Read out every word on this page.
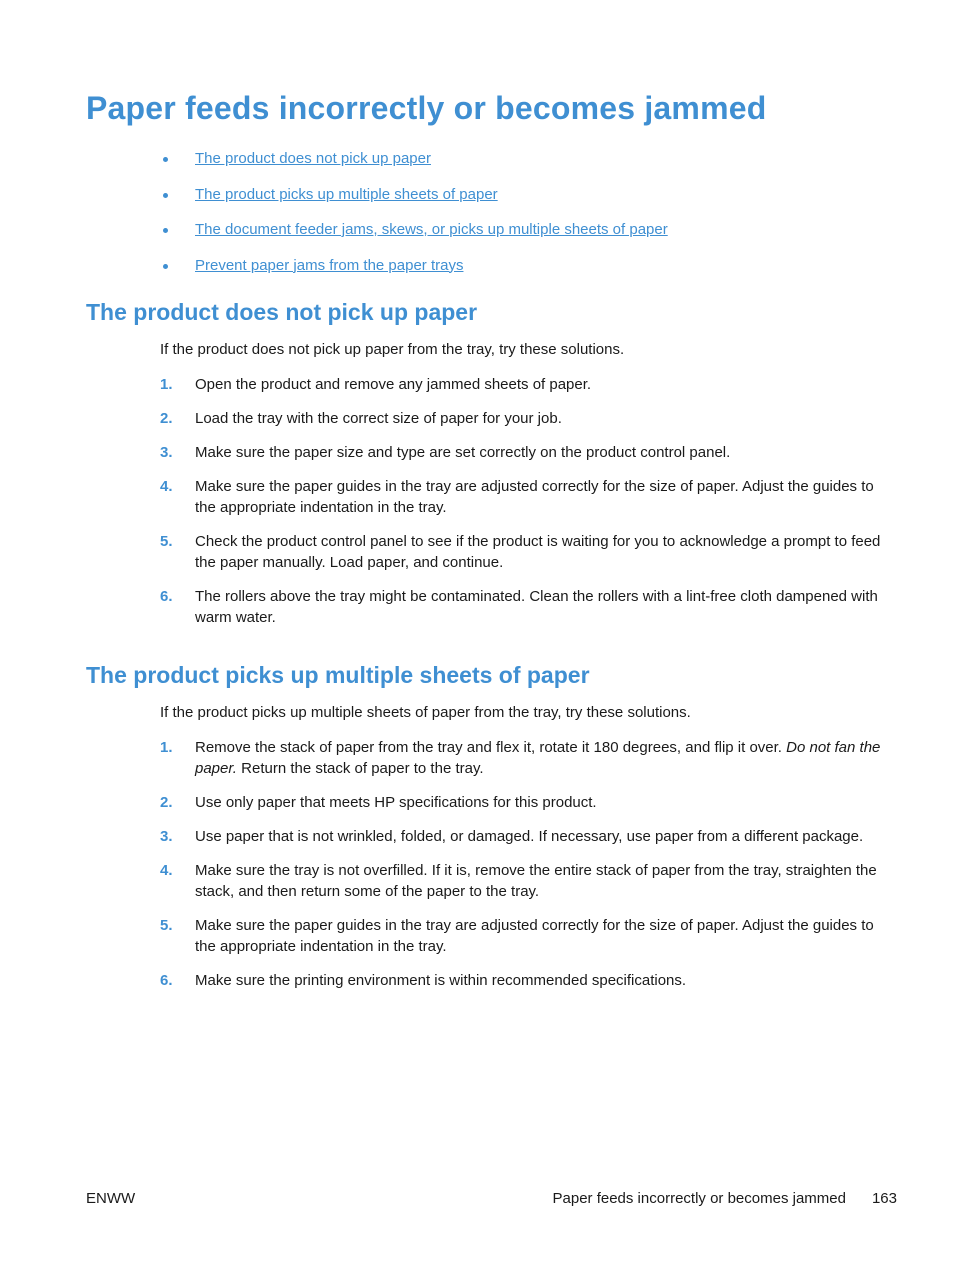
Paper feeds incorrectly or becomes jammed
The product does not pick up paper
The product picks up multiple sheets of paper
The document feeder jams, skews, or picks up multiple sheets of paper
Prevent paper jams from the paper trays
The product does not pick up paper

If the product does not pick up paper from the tray, try these solutions.

1. Open the product and remove any jammed sheets of paper.
2. Load the tray with the correct size of paper for your job.
3. Make sure the paper size and type are set correctly on the product control panel.
4. Make sure the paper guides in the tray are adjusted correctly for the size of paper. Adjust the guides to the appropriate indentation in the tray.
5. Check the product control panel to see if the product is waiting for you to acknowledge a prompt to feed the paper manually. Load paper, and continue.
6. The rollers above the tray might be contaminated. Clean the rollers with a lint-free cloth dampened with warm water.
The product picks up multiple sheets of paper

If the product picks up multiple sheets of paper from the tray, try these solutions.

1. Remove the stack of paper from the tray and flex it, rotate it 180 degrees, and flip it over. Do not fan the paper. Return the stack of paper to the tray.
2. Use only paper that meets HP specifications for this product.
3. Use paper that is not wrinkled, folded, or damaged. If necessary, use paper from a different package.
4. Make sure the tray is not overfilled. If it is, remove the entire stack of paper from the tray, straighten the stack, and then return some of the paper to the tray.
5. Make sure the paper guides in the tray are adjusted correctly for the size of paper. Adjust the guides to the appropriate indentation in the tray.
6. Make sure the printing environment is within recommended specifications.
ENWW	Paper feeds incorrectly or becomes jammed 163
